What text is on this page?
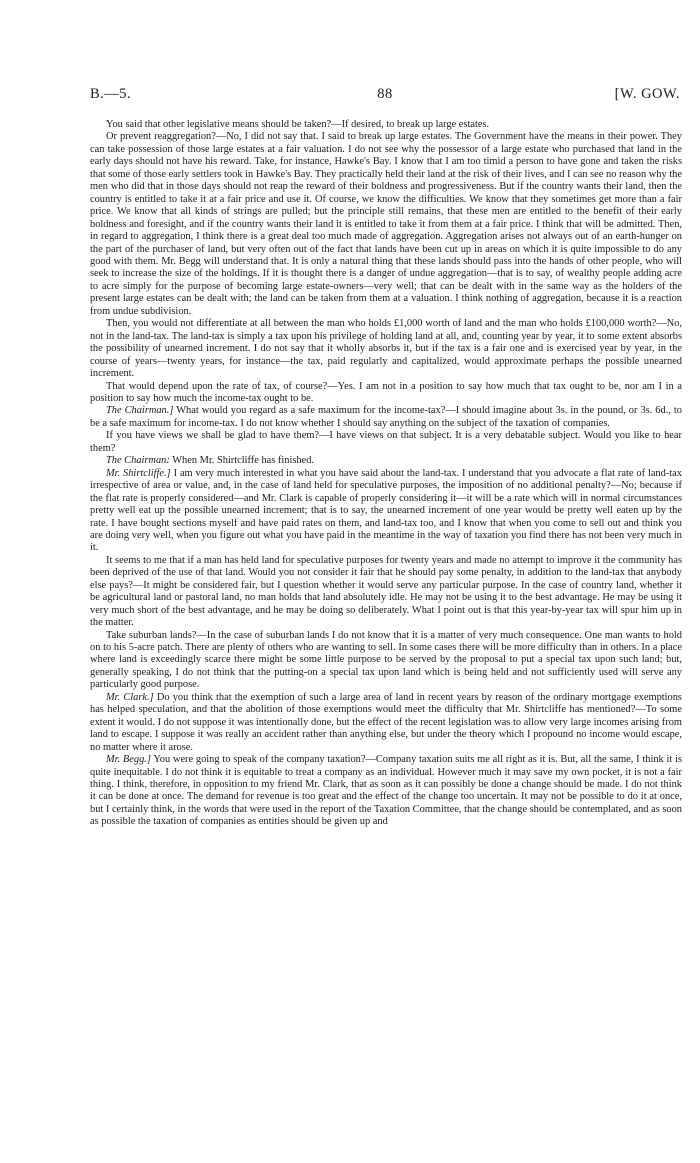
B.—5.	88	[W. GOW.

You said that other legislative means should be taken?—If desired, to break up large estates.

Or prevent reaggregation?—No, I did not say that. I said to break up large estates. The Government have the means in their power. They can take possession of those large estates at a fair valuation. I do not see why the possessor of a large estate who purchased that land in the early days should not have his reward. Take, for instance, Hawke's Bay. I know that I am too timid a person to have gone and taken the risks that some of those early settlers took in Hawke's Bay. They practically held their land at the risk of their lives, and I can see no reason why the men who did that in those days should not reap the reward of their boldness and progressiveness. But if the country wants their land, then the country is entitled to take it at a fair price and use it. Of course, we know the difficulties. We know that they sometimes get more than a fair price. We know that all kinds of strings are pulled; but the principle still remains, that these men are entitled to the benefit of their early boldness and foresight, and if the country wants their land it is entitled to take it from them at a fair price. I think that will be admitted. Then, in regard to aggregation, I think there is a great deal too much made of aggregation. Aggregation arises not always out of an earth-hunger on the part of the purchaser of land, but very often out of the fact that lands have been cut up in areas on which it is quite impossible to do any good with them. Mr. Begg will understand that. It is only a natural thing that these lands should pass into the hands of other people, who will seek to increase the size of the holdings. If it is thought there is a danger of undue aggregation—that is to say, of wealthy people adding acre to acre simply for the purpose of becoming large estate-owners—very well; that can be dealt with in the same way as the holders of the present large estates can be dealt with; the land can be taken from them at a valuation. I think nothing of aggregation, because it is a reaction from undue subdivision.

Then, you would not differentiate at all between the man who holds £1,000 worth of land and the man who holds £100,000 worth?—No, not in the land-tax. The land-tax is simply a tax upon his privilege of holding land at all, and, counting year by year, it to some extent absorbs the possibility of unearned increment. I do not say that it wholly absorbs it, but if the tax is a fair one and is exercised year by year, in the course of years—twenty years, for instance—the tax, paid regularly and capitalized, would approximate perhaps the possible unearned increment.

That would depend upon the rate of tax, of course?—Yes. I am not in a position to say how much that tax ought to be, nor am I in a position to say how much the income-tax ought to be.

The Chairman.] What would you regard as a safe maximum for the income-tax?—I should imagine about 3s. in the pound, or 3s. 6d., to be a safe maximum for income-tax. I do not know whether I should say anything on the subject of the taxation of companies.

If you have views we shall be glad to have them?—I have views on that subject. It is a very debatable subject. Would you like to hear them?

The Chairman: When Mr. Shirtcliffe has finished.

Mr. Shirtcliffe.] I am very much interested in what you have said about the land-tax. I understand that you advocate a flat rate of land-tax irrespective of area or value, and, in the case of land held for speculative purposes, the imposition of no additional penalty?—No; because if the flat rate is properly considered—and Mr. Clark is capable of properly considering it—it will be a rate which will in normal circumstances pretty well eat up the possible unearned increment; that is to say, the unearned increment of one year would be pretty well eaten up by the rate. I have bought sections myself and have paid rates on them, and land-tax too, and I know that when you come to sell out and think you are doing very well, when you figure out what you have paid in the meantime in the way of taxation you find there has not been very much in it.

It seems to me that if a man has held land for speculative purposes for twenty years and made no attempt to improve it the community has been deprived of the use of that land. Would you not consider it fair that he should pay some penalty, in addition to the land-tax that anybody else pays?—It might be considered fair, but I question whether it would serve any particular purpose. In the case of country land, whether it be agricultural land or pastoral land, no man holds that land absolutely idle. He may not be using it to the best advantage. He may be using it very much short of the best advantage, and he may be doing so deliberately. What I point out is that this year-by-year tax will spur him up in the matter.

Take suburban lands?—In the case of suburban lands I do not know that it is a matter of very much consequence. One man wants to hold on to his 5-acre patch. There are plenty of others who are wanting to sell. In some cases there will be more difficulty than in others. In a place where land is exceedingly scarce there might be some little purpose to be served by the proposal to put a special tax upon such land; but, generally speaking, I do not think that the putting-on a special tax upon land which is being held and not sufficiently used will serve any particularly good purpose.

Mr. Clark.] Do you think that the exemption of such a large area of land in recent years by reason of the ordinary mortgage exemptions has helped speculation, and that the abolition of those exemptions would meet the difficulty that Mr. Shirtcliffe has mentioned?—To some extent it would. I do not suppose it was intentionally done, but the effect of the recent legislation was to allow very large incomes arising from land to escape. I suppose it was really an accident rather than anything else, but under the theory which I propound no income would escape, no matter where it arose.

Mr. Begg.] You were going to speak of the company taxation?—Company taxation suits me all right as it is. But, all the same, I think it is quite inequitable. I do not think it is equitable to treat a company as an individual. However much it may save my own pocket, it is not a fair thing. I think, therefore, in opposition to my friend Mr. Clark, that as soon as it can possibly be done a change should be made. I do not think it can be done at once. The demand for revenue is too great and the effect of the change too uncertain. It may not be possible to do it at once, but I certainly think, in the words that were used in the report of the Taxation Committee, that the change should be contemplated, and as soon as possible the taxation of companies as entities should be given up and
